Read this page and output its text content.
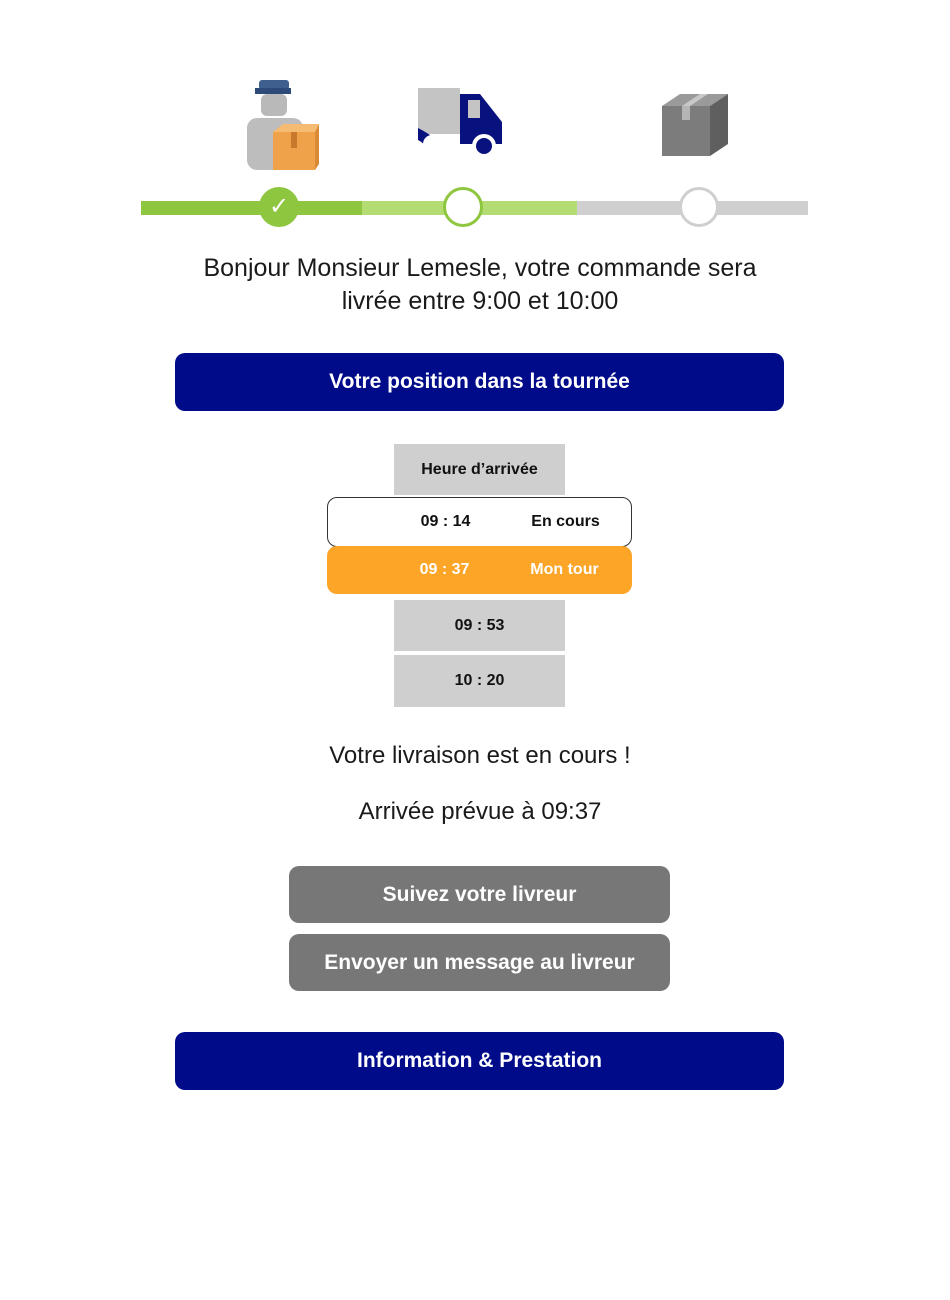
✓
Bonjour Monsieur Lemesle, votre commande sera
livrée entre 9:00 et 10:00
Votre position dans la tournée
Heure d’arrivée
09 : 14	En cours
09 : 37	Mon tour
09 : 53
10 : 20
Votre livraison est en cours !
Arrivée prévue à 09:37
Suivez votre livreur
Envoyer un message au livreur
Information & Prestation
